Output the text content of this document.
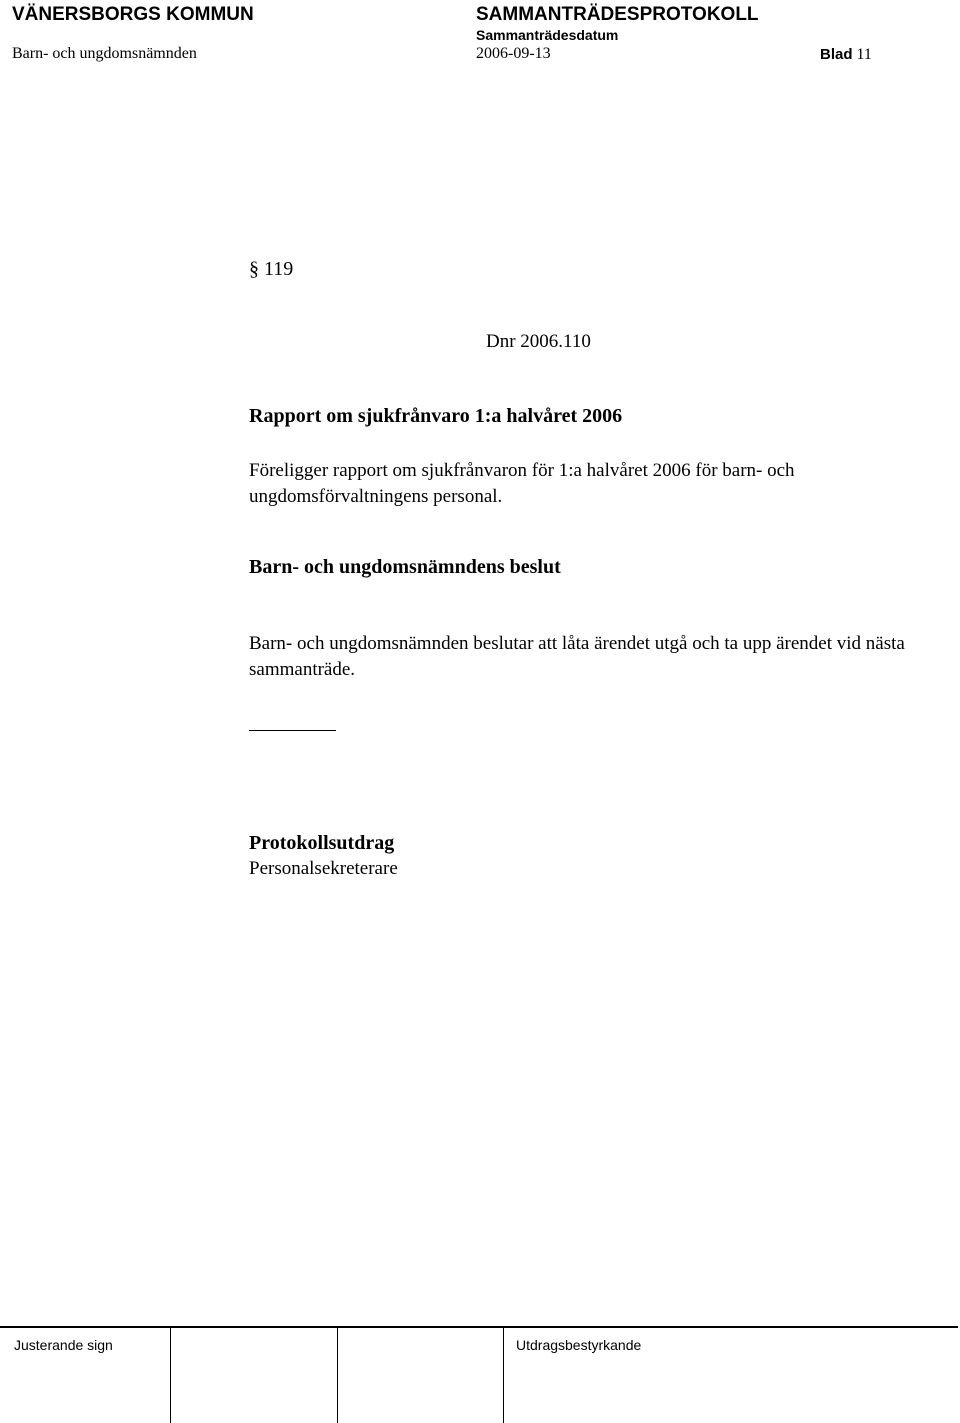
VÄNERSBORGS KOMMUN	SAMMANTRÄDESPROTOKOLL
Sammanträdesdatum
Barn- och ungdomsnämnden	2006-09-13	Blad 11
§ 119
Dnr 2006.110
Rapport om sjukfrånvaro 1:a halvåret 2006
Föreligger rapport om sjukfrånvaron för 1:a halvåret 2006 för barn- och ungdomsförvaltningens personal.
Barn- och ungdomsnämndens beslut
Barn- och ungdomsnämnden beslutar att låta ärendet utgå och ta upp ärendet vid nästa sammanträde.
Protokollsutdrag
Personalsekreterare
Justerande sign	Utdragsbestyrkande
